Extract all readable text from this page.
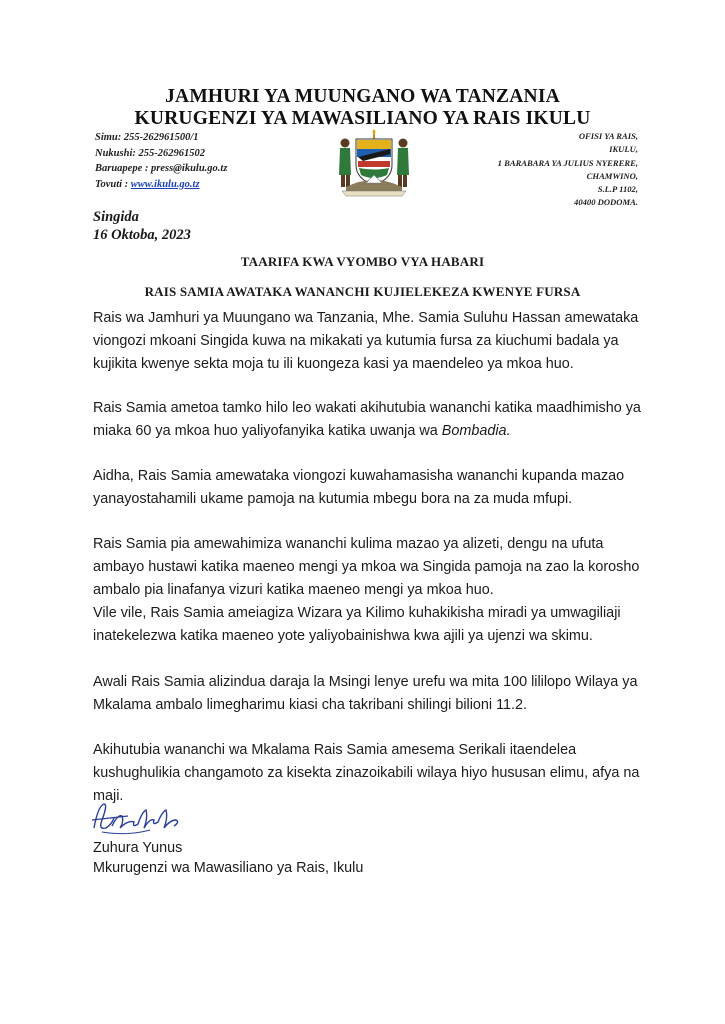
JAMHURI YA MUUNGANO WA TANZANIA
KURUGENZI YA MAWASILIANO YA RAIS IKULU
Simu: 255-262961500/1
Nukushi: 255-262961502
Baruapepe : press@ikulu.go.tz
Tovuti : www.ikulu.go.tz
OFISI YA RAIS,
IKULU,
1 BARABARA YA JULIUS NYERERE,
CHAMWINO,
S.L.P 1102,
40400 DODOMA.
Singida
16 Oktoba, 2023
TAARIFA KWA VYOMBO VYA HABARI
RAIS SAMIA AWATAKA WANANCHI KUJIELEKEZA KWENYE FURSA

Rais wa Jamhuri ya Muungano wa Tanzania, Mhe. Samia Suluhu Hassan amewataka viongozi mkoani Singida kuwa na mikakati ya kutumia fursa za kiuchumi badala ya kujikita kwenye sekta moja tu ili kuongeza kasi ya maendeleo ya mkoa huo.

Rais Samia ametoa tamko hilo leo wakati akihutubia wananchi katika maadhimisho ya miaka 60 ya mkoa huo yaliyofanyika katika uwanja wa Bombadia.

Aidha, Rais Samia amewataka viongozi kuwahamasisha wananchi kupanda mazao yanayostahamili ukame pamoja na kutumia mbegu bora na za muda mfupi.

Rais Samia pia amewahimiza wananchi kulima mazao ya alizeti, dengu na ufuta ambayo hustawi katika maeneo mengi ya mkoa wa Singida pamoja na zao la korosho ambalo pia linafanya vizuri katika maeneo mengi ya mkoa huo.

Vile vile, Rais Samia ameiagiza Wizara ya Kilimo kuhakikisha miradi ya umwagiliaji inatekelezwa katika maeneo yote yaliyobainishwa kwa ajili ya ujenzi wa skimu.

Awali Rais Samia alizindua daraja la Msingi lenye urefu wa mita 100 lililopo Wilaya ya Mkalama ambalo limegharimu kiasi cha takribani shilingi bilioni 11.2.

Akihutubia wananchi wa Mkalama Rais Samia amesema Serikali itaendelea kushughulikia changamoto za kisekta zinazoikabili wilaya hiyo hususan elimu, afya na maji.

Zuhura Yunus
Mkurugenzi wa Mawasiliano ya Rais, Ikulu
